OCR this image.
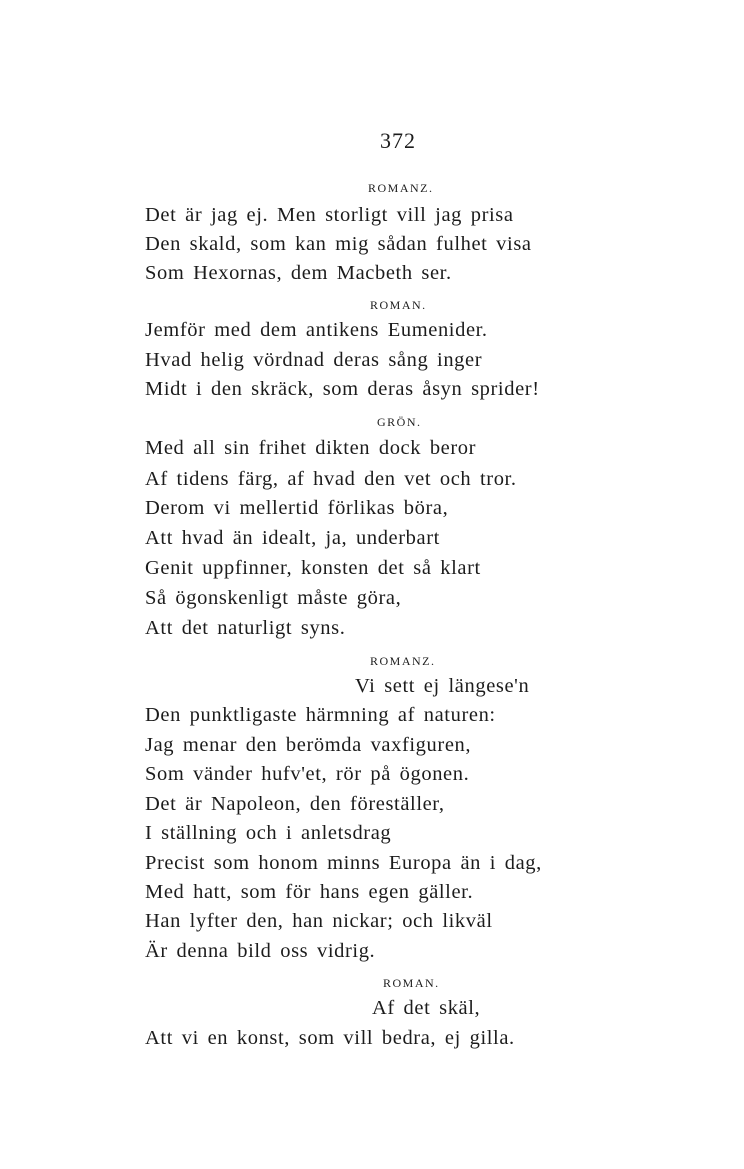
372
ROMANZ.
Det är jag ej. Men storligt vill jag prisa
Den skald, som kan mig sådan fulhet visa
Som Hexornas, dem Macbeth ser.
ROMAN.
Jemför med dem antikens Eumenider.
Hvad helig vördnad deras sång inger
Midt i den skräck, som deras åsyn sprider!
GRÖN.
Med all sin frihet dikten dock beror
Af tidens färg, af hvad den vet och tror.
Derom vi mellertid förlikas böra,
Att hvad än idealt, ja, underbart
Genit uppfinner, konsten det så klart
Så ögonskenligt måste göra,
Att det naturligt syns.
ROMANZ.
Vi sett ej längese'n
Den punktligaste härmning af naturen:
Jag menar den berömda vaxfiguren,
Som vänder hufv'et, rör på ögonen.
Det är Napoleon, den föreställer,
I ställning och i anletsdrag
Precist som honom minns Europa än i dag,
Med hatt, som för hans egen gäller.
Han lyfter den, han nickar; och likväl
Är denna bild oss vidrig.
ROMAN.
Af det skäl,
Att vi en konst, som vill bedra, ej gilla.
